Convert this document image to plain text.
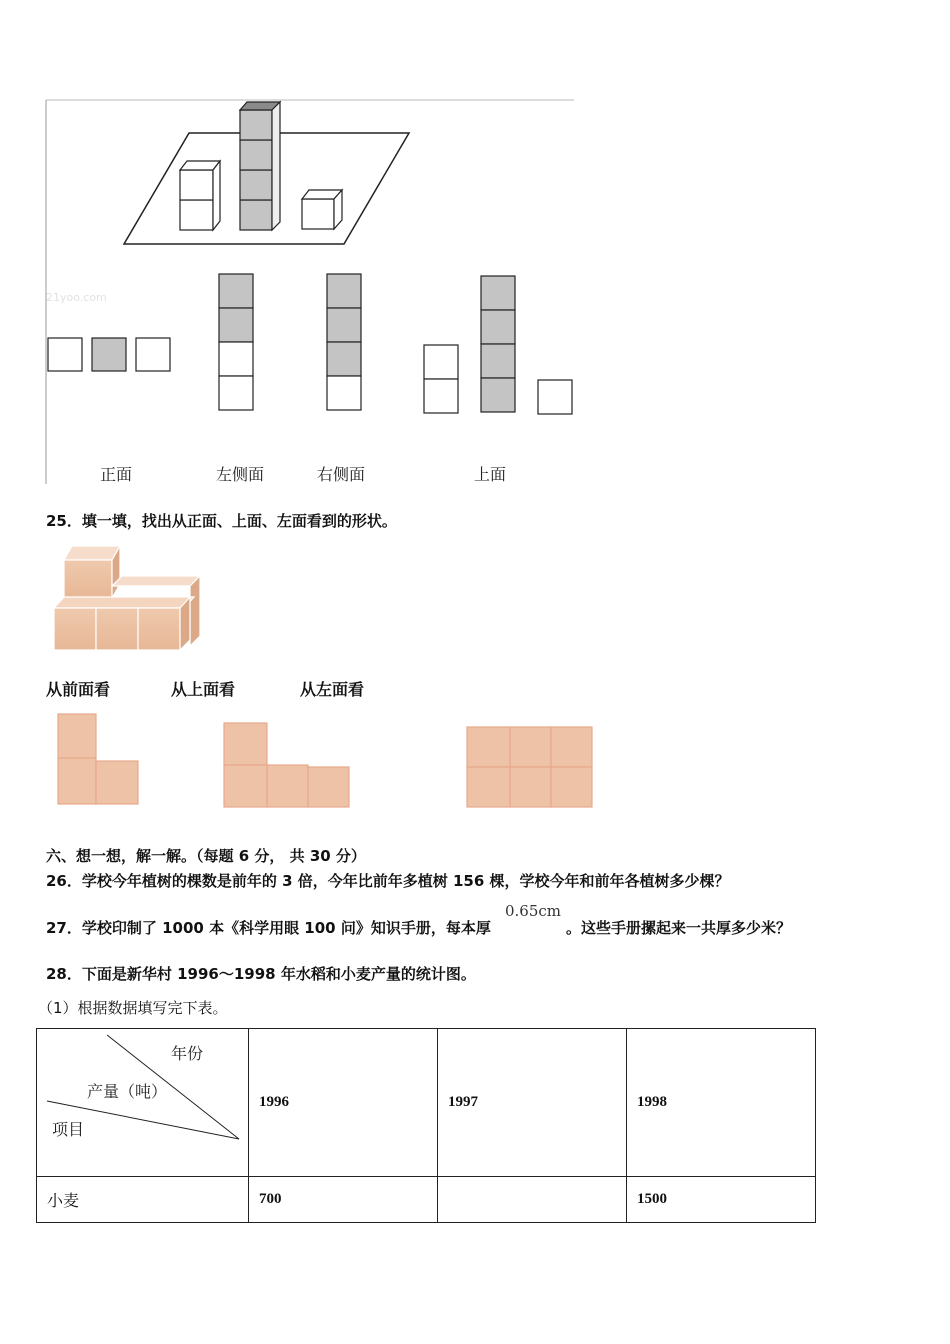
21yoo.com
正面	左侧面	右侧面	上面
25．填一填，找出从正面、上面、左面看到的形状。
从前面看	从上面看	从左面看
六、想一想，解一解。（每题 6 分， 共 30 分）
26．学校今年植树的棵数是前年的 3 倍，今年比前年多植树 156 棵，学校今年和前年各植树多少棵？
27．学校印制了 1000 本《科学用眼 100 问》知识手册，每本厚
0.65cm
。这些手册摞起来一共厚多少米？
28．下面是新华村 1996～1998 年水稻和小麦产量的统计图。
（1）根据数据填写完下表。
年份
产量（吨）
项目	1996	1997	1998
小麦	700		1500
